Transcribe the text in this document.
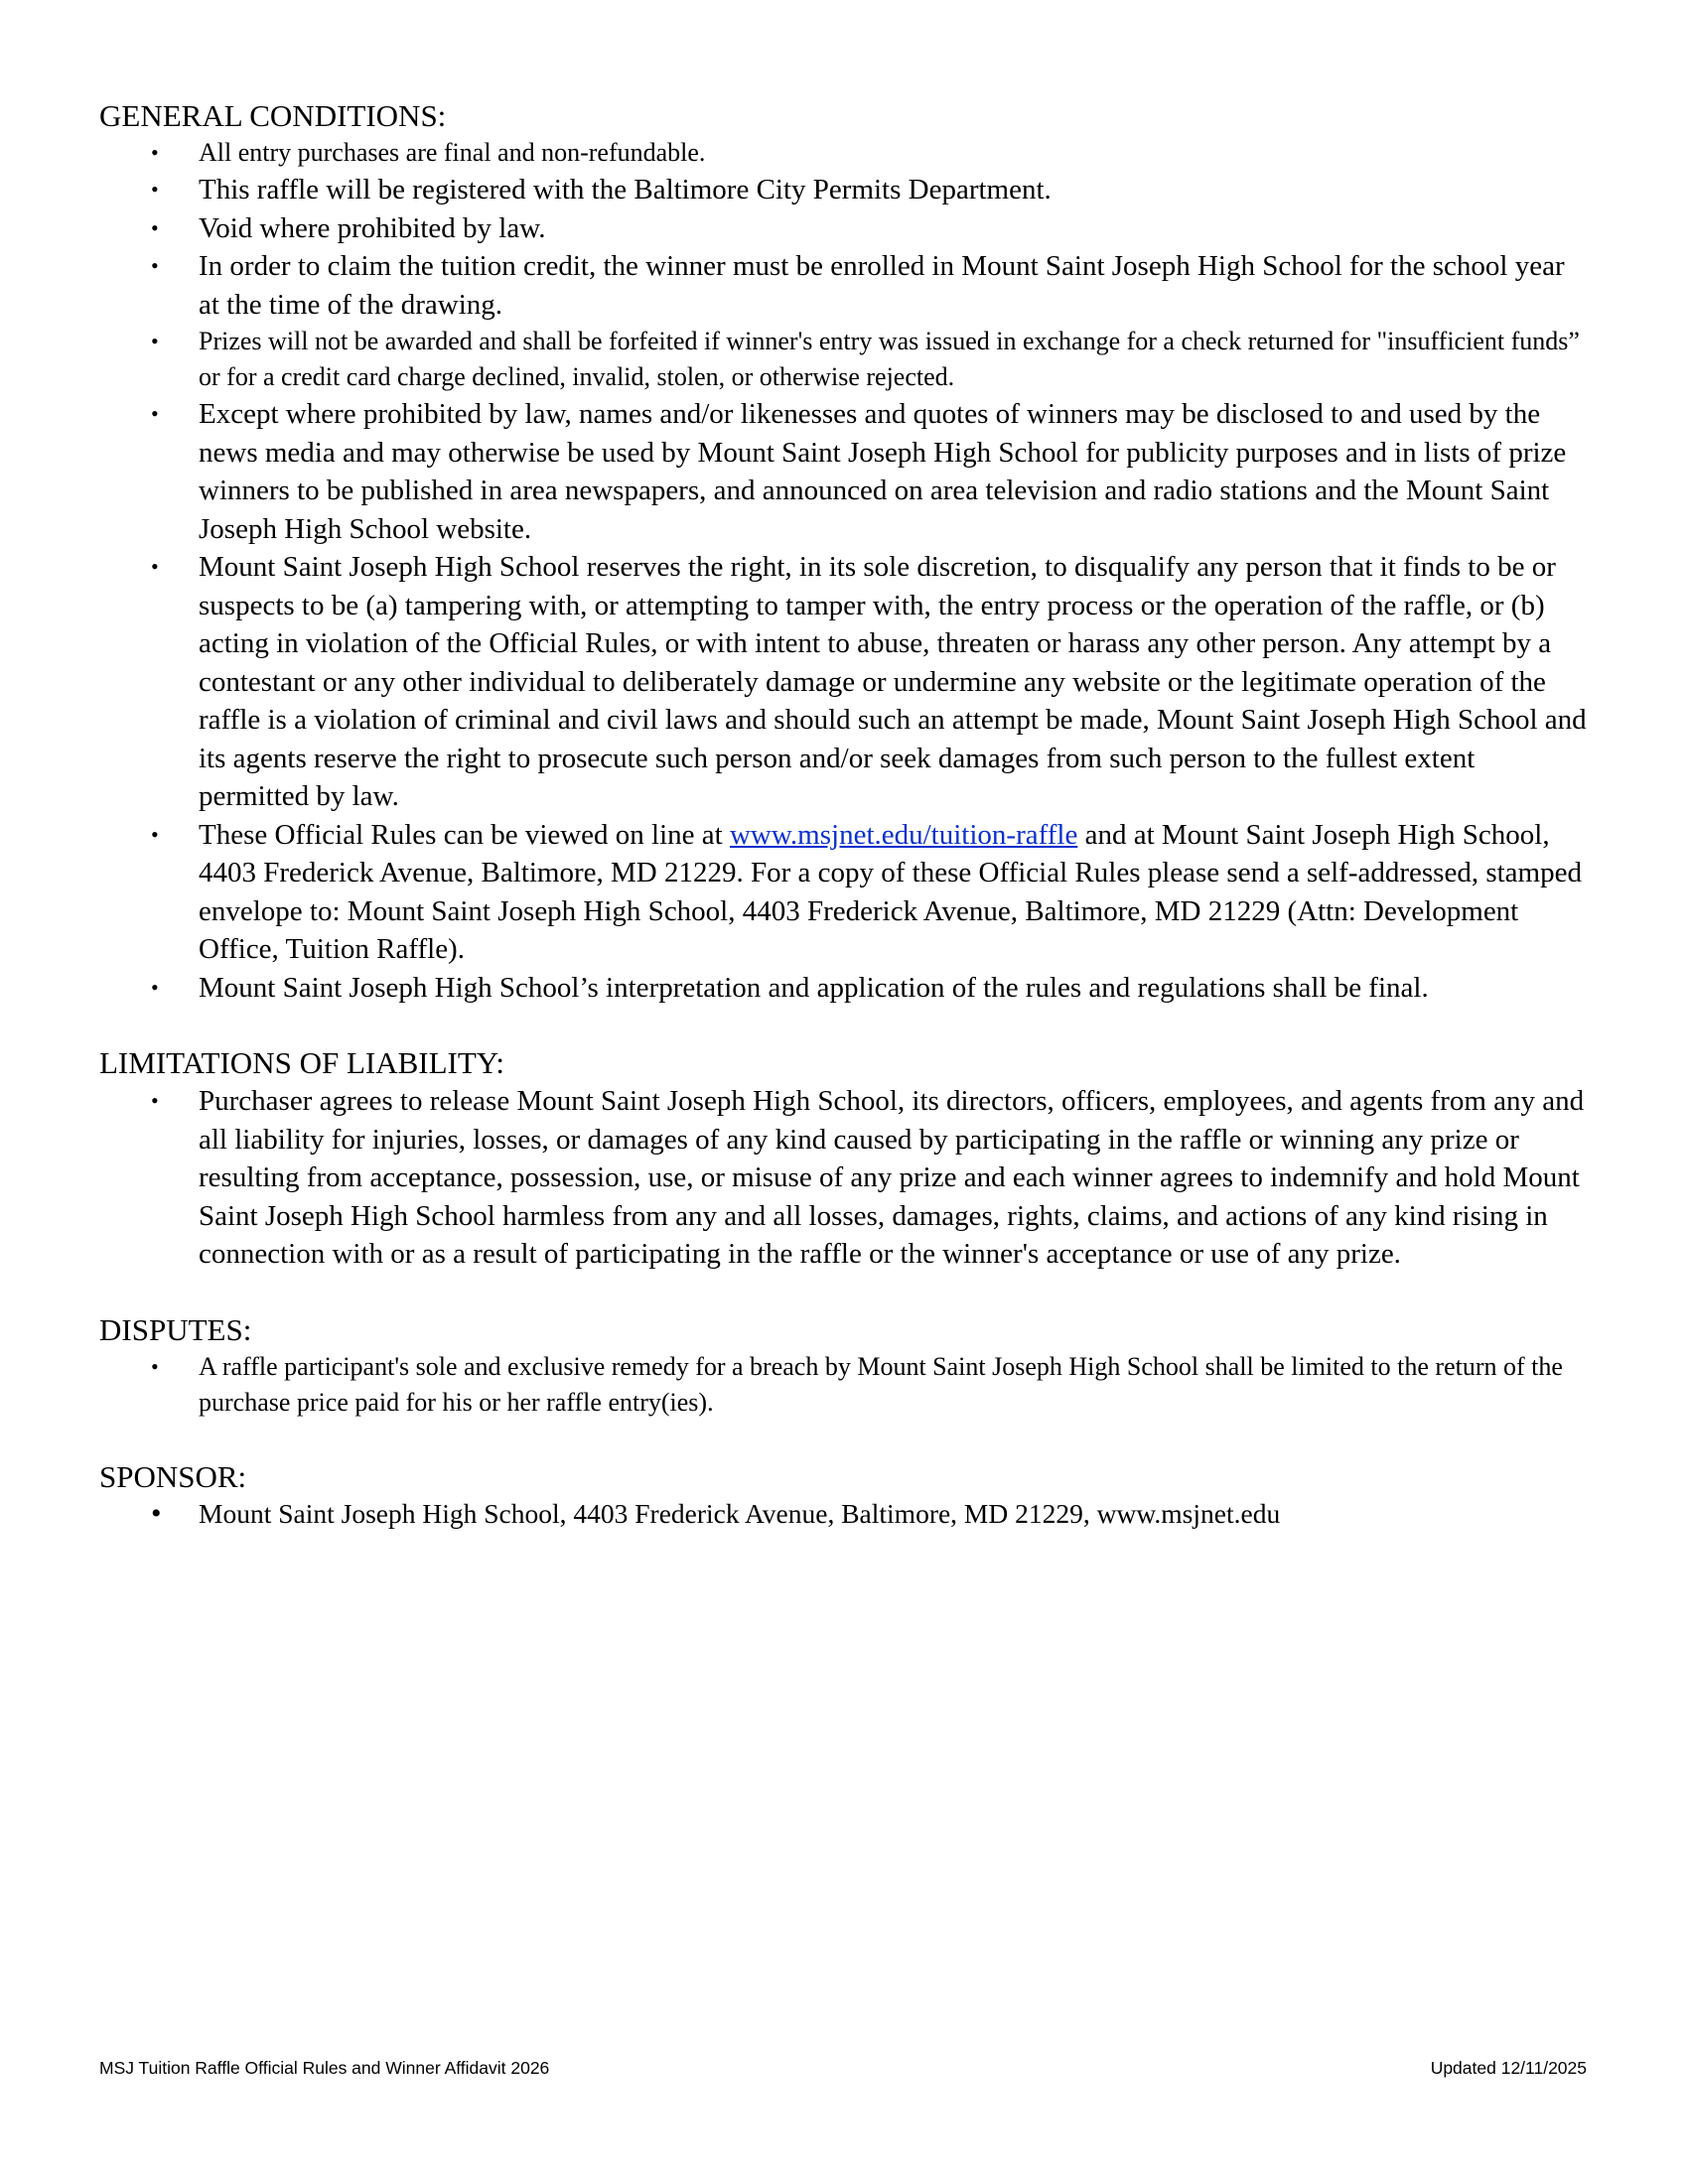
GENERAL CONDITIONS:
• All entry purchases are final and non-refundable.
• This raffle will be registered with the Baltimore City Permits Department.
• Void where prohibited by law.
• In order to claim the tuition credit, the winner must be enrolled in Mount Saint Joseph High School for the school year at the time of the drawing.
• Prizes will not be awarded and shall be forfeited if winner's entry was issued in exchange for a check returned for "insufficient funds” or for a credit card charge declined, invalid, stolen, or otherwise rejected.
• Except where prohibited by law, names and/or likenesses and quotes of winners may be disclosed to and used by the news media and may otherwise be used by Mount Saint Joseph High School for publicity purposes and in lists of prize winners to be published in area newspapers, and announced on area television and radio stations and the Mount Saint Joseph High School website.
• Mount Saint Joseph High School reserves the right, in its sole discretion, to disqualify any person that it finds to be or suspects to be (a) tampering with, or attempting to tamper with, the entry process or the operation of the raffle, or (b) acting in violation of the Official Rules, or with intent to abuse, threaten or harass any other person. Any attempt by a contestant or any other individual to deliberately damage or undermine any website or the legitimate operation of the raffle is a violation of criminal and civil laws and should such an attempt be made, Mount Saint Joseph High School and its agents reserve the right to prosecute such person and/or seek damages from such person to the fullest extent permitted by law.
• These Official Rules can be viewed on line at www.msjnet.edu/tuition-raffle and at Mount Saint Joseph High School, 4403 Frederick Avenue, Baltimore, MD 21229. For a copy of these Official Rules please send a self-addressed, stamped envelope to: Mount Saint Joseph High School, 4403 Frederick Avenue, Baltimore, MD 21229 (Attn: Development Office, Tuition Raffle).
• Mount Saint Joseph High School’s interpretation and application of the rules and regulations shall be final.
LIMITATIONS OF LIABILITY:
• Purchaser agrees to release Mount Saint Joseph High School, its directors, officers, employees, and agents from any and all liability for injuries, losses, or damages of any kind caused by participating in the raffle or winning any prize or resulting from acceptance, possession, use, or misuse of any prize and each winner agrees to indemnify and hold Mount Saint Joseph High School harmless from any and all losses, damages, rights, claims, and actions of any kind rising in connection with or as a result of participating in the raffle or the winner's acceptance or use of any prize.
DISPUTES:
• A raffle participant's sole and exclusive remedy for a breach by Mount Saint Joseph High School shall be limited to the return of the purchase price paid for his or her raffle entry(ies).
SPONSOR:
• Mount Saint Joseph High School, 4403 Frederick Avenue, Baltimore, MD 21229, www.msjnet.edu
MSJ Tuition Raffle Official Rules and Winner Affidavit 2026	Updated 12/11/2025
